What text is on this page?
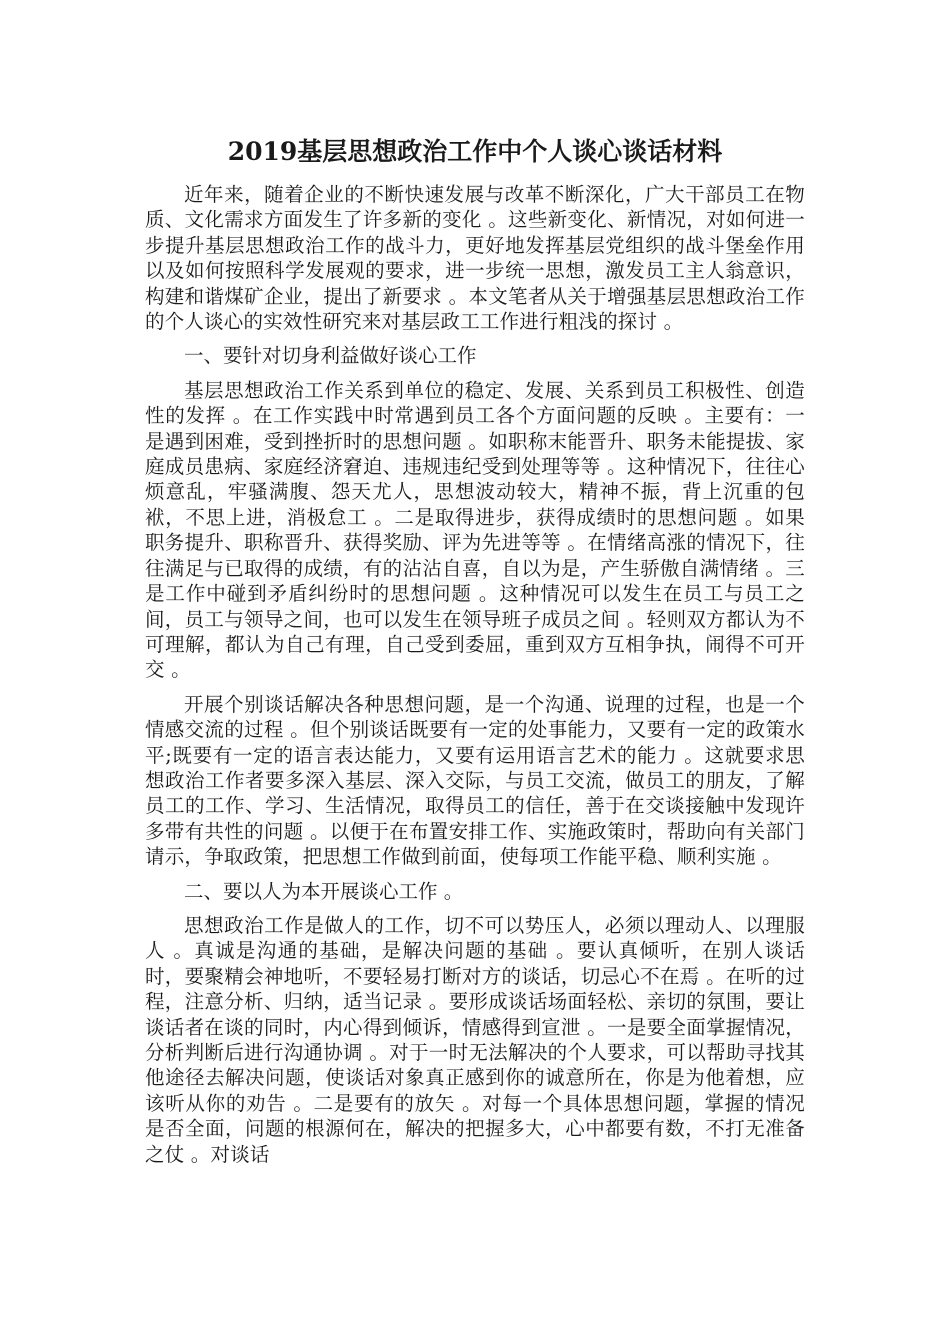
2019基层思想政治工作中个人谈心谈话材料

近年来，随着企业的不断快速发展与改革不断深化，广大干部员工在物质、文化需求方面发生了许多新的变化 。这些新变化、新情况，对如何进一步提升基层思想政治工作的战斗力，更好地发挥基层党组织的战斗堡垒作用以及如何按照科学发展观的要求，进一步统一思想，激发员工主人翁意识，构建和谐煤矿企业，提出了新要求 。本文笔者从关于增强基层思想政治工作的个人谈心的实效性研究来对基层政工工作进行粗浅的探讨 。

一、要针对切身利益做好谈心工作

基层思想政治工作关系到单位的稳定、发展、关系到员工积极性、创造性的发挥 。在工作实践中时常遇到员工各个方面问题的反映 。主要有：一是遇到困难，受到挫折时的思想问题 。如职称末能晋升、职务未能提拔、家庭成员患病、家庭经济窘迫、违规违纪受到处理等等 。这种情况下，往往心烦意乱，牢骚满腹、怨天尤人，思想波动较大，精神不振，背上沉重的包袱，不思上进，消极怠工 。二是取得进步，获得成绩时的思想问题 。如果职务提升、职称晋升、获得奖励、评为先进等等 。在情绪高涨的情况下，往往满足与已取得的成绩，有的沾沾自喜，自以为是，产生骄傲自满情绪 。三是工作中碰到矛盾纠纷时的思想问题 。这种情况可以发生在员工与员工之间，员工与领导之间，也可以发生在领导班子成员之间 。轻则双方都认为不可理解，都认为自己有理，自己受到委屈，重到双方互相争执，闹得不可开交 。

开展个别谈话解决各种思想问题，是一个沟通、说理的过程，也是一个情感交流的过程 。但个别谈话既要有一定的处事能力，又要有一定的政策水平;既要有一定的语言表达能力，又要有运用语言艺术的能力 。这就要求思想政治工作者要多深入基层、深入交际，与员工交流，做员工的朋友，了解员工的工作、学习、生活情况，取得员工的信任，善于在交谈接触中发现许多带有共性的问题 。以便于在布置安排工作、实施政策时，帮助向有关部门请示，争取政策，把思想工作做到前面，使每项工作能平稳、顺利实施 。

二、要以人为本开展谈心工作 。

思想政治工作是做人的工作，切不可以势压人，必须以理动人、以理服人 。真诚是沟通的基础，是解决问题的基础 。要认真倾听，在别人谈话时，要聚精会神地听，不要轻易打断对方的谈话，切忌心不在焉 。在听的过程，注意分析、归纳，适当记录 。要形成谈话场面轻松、亲切的氛围，要让谈话者在谈的同时，内心得到倾诉，情感得到宣泄 。一是要全面掌握情况，分析判断后进行沟通协调 。对于一时无法解决的个人要求，可以帮助寻找其他途径去解决问题，使谈话对象真正感到你的诚意所在，你是为他着想，应该听从你的劝告 。二是要有的放矢 。对每一个具体思想问题，掌握的情况是否全面，问题的根源何在，解决的把握多大，心中都要有数，不打无准备之仗 。对谈话
